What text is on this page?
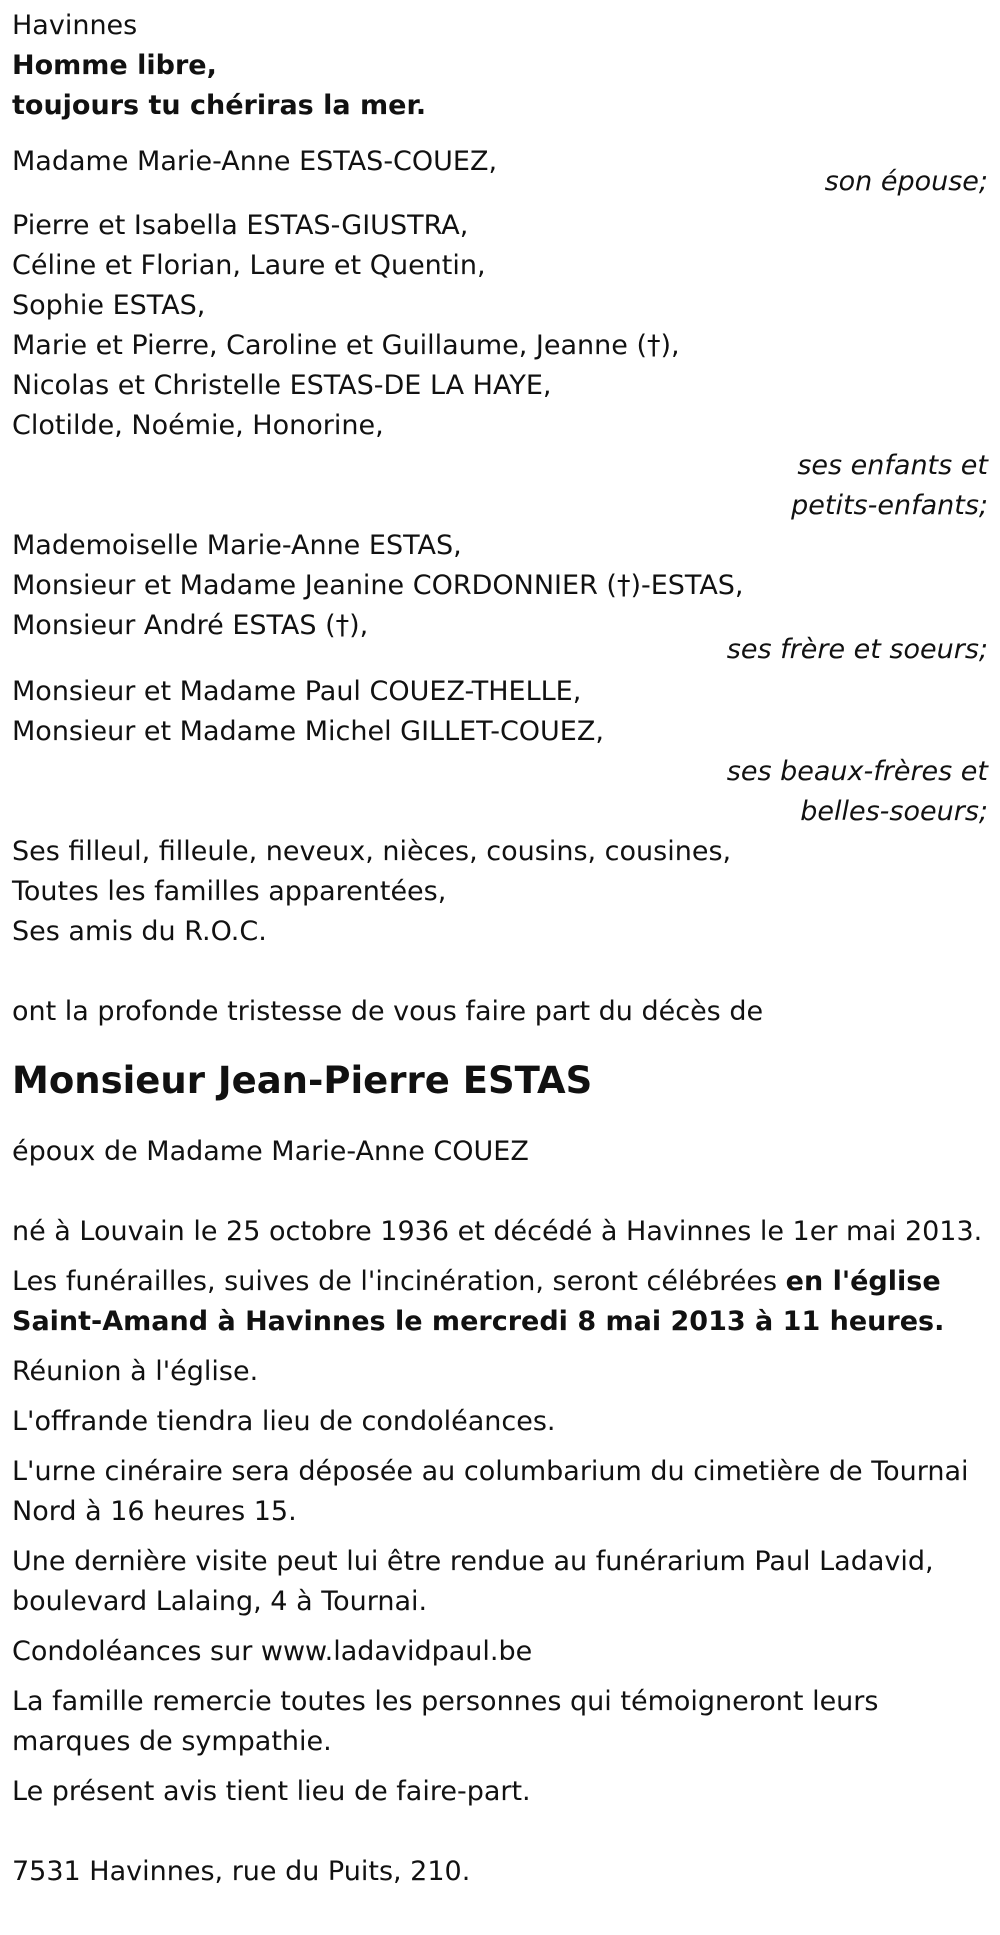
Havinnes
Homme libre,
toujours tu chériras la mer.
Madame Marie-Anne ESTAS-COUEZ,
son épouse;
Pierre et Isabella ESTAS-GIUSTRA,
Céline et Florian, Laure et Quentin,
Sophie ESTAS,
Marie et Pierre, Caroline et Guillaume, Jeanne (†),
Nicolas et Christelle ESTAS-DE LA HAYE,
Clotilde, Noémie, Honorine,
ses enfants et
petits-enfants;
Mademoiselle Marie-Anne ESTAS,
Monsieur et Madame Jeanine CORDONNIER (†)-ESTAS,
Monsieur André ESTAS (†),
ses frère et soeurs;
Monsieur et Madame Paul COUEZ-THELLE,
Monsieur et Madame Michel GILLET-COUEZ,
ses beaux-frères et
belles-soeurs;
Ses filleul, filleule, neveux, nièces, cousins, cousines,
Toutes les familles apparentées,
Ses amis du R.O.C.
ont la profonde tristesse de vous faire part du décès de
Monsieur Jean-Pierre ESTAS
époux de Madame Marie-Anne COUEZ
né à Louvain le 25 octobre 1936 et décédé à Havinnes le 1er mai 2013.
Les funérailles, suives de l'incinération, seront célébrées en l'église Saint-Amand à Havinnes le mercredi 8 mai 2013 à 11 heures.
Réunion à l'église.
L'offrande tiendra lieu de condoléances.
L'urne cinéraire sera déposée au columbarium du cimetière de Tournai Nord à 16 heures 15.
Une dernière visite peut lui être rendue au funérarium Paul Ladavid, boulevard Lalaing, 4 à Tournai.
Condoléances sur www.ladavidpaul.be
La famille remercie toutes les personnes qui témoigneront leurs marques de sympathie.
Le présent avis tient lieu de faire-part.
7531 Havinnes, rue du Puits, 210.
